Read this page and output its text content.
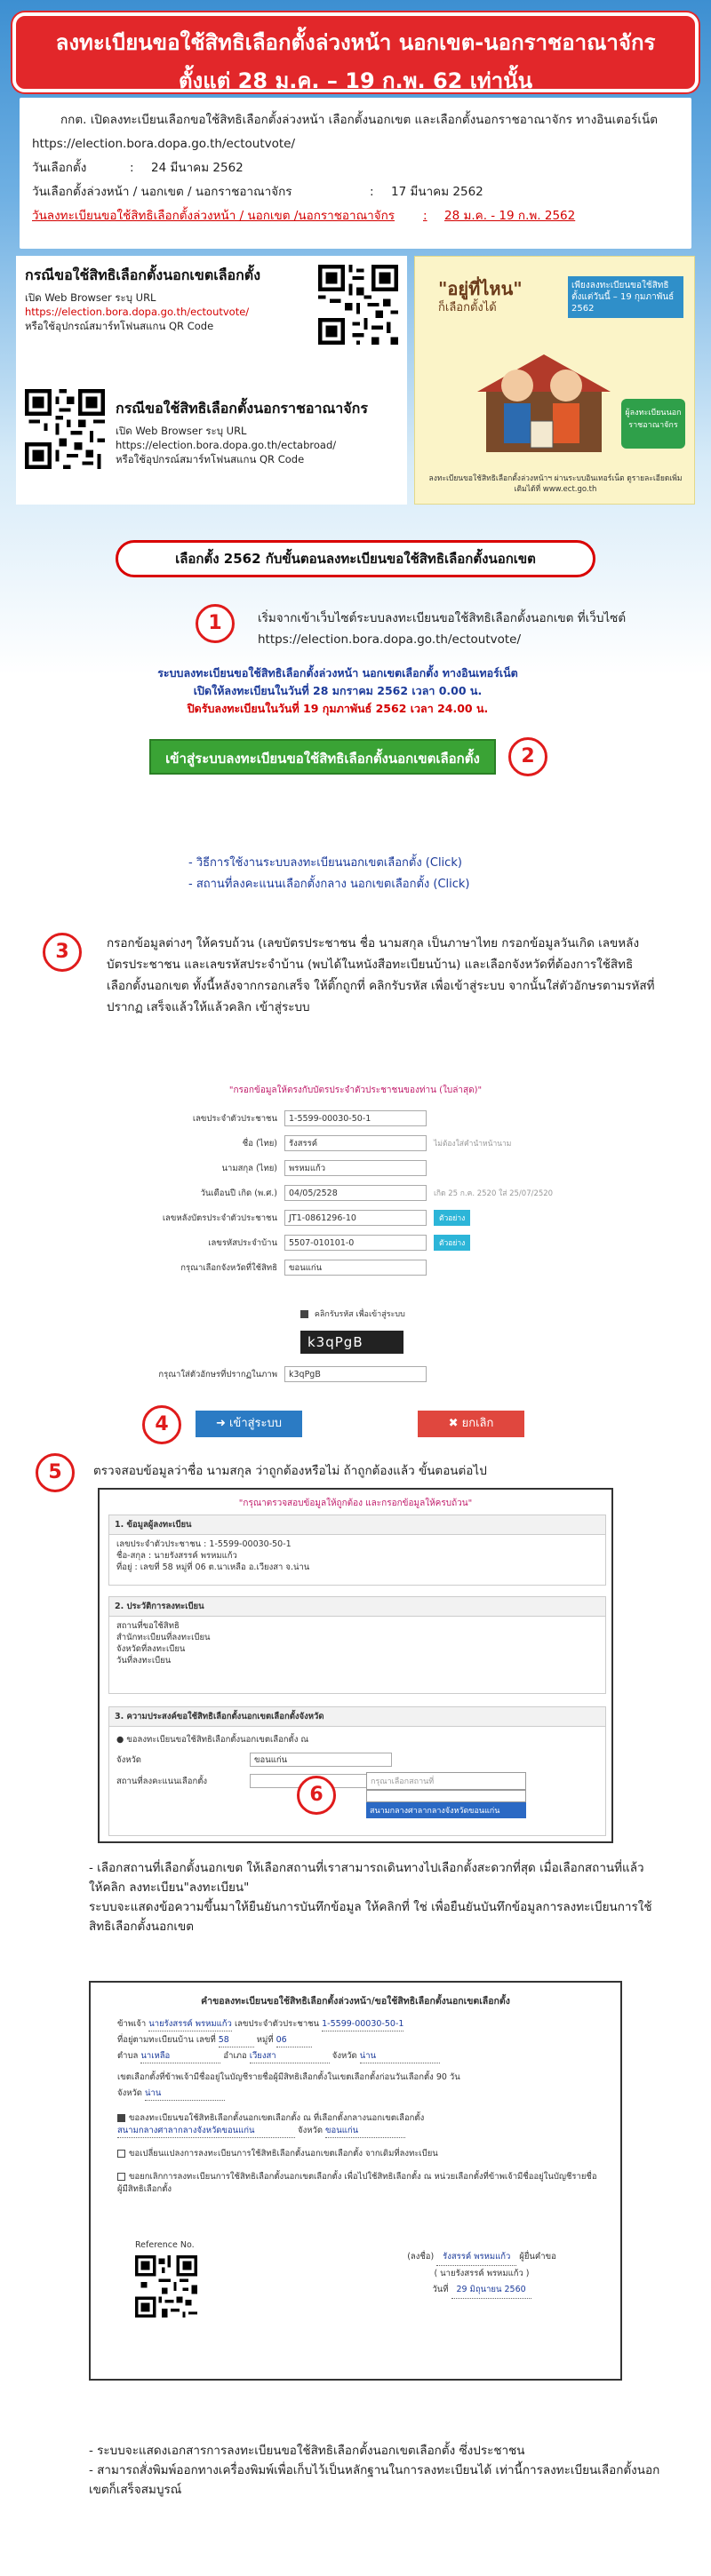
ลงทะเบียนขอใช้สิทธิเลือกตั้งล่วงหน้า นอกเขต-นอกราชอาณาจักร
ตั้งแต่ 28 ม.ค. – 19 ก.พ. 62 เท่านั้น
กกต. เปิดลงทะเบียนเลือกขอใช้สิทธิเลือกตั้งล่วงหน้า เลือกตั้งนอกเขต และเลือกตั้งนอกราชอาณาจักร ทางอินเตอร์เน็ต https://election.bora.dopa.go.th/ectoutvote/
วันเลือกตั้ง	:	24 มีนาคม 2562
วันเลือกตั้งล่วงหน้า / นอกเขต / นอกราชอาณาจักร	:	17 มีนาคม 2562
วันลงทะเบียนขอใช้สิทธิเลือกตั้งล่วงหน้า / นอกเขต /นอกราชอาณาจักร	:	28 ม.ค. - 19 ก.พ. 2562
กรณีขอใช้สิทธิเลือกตั้งนอกเขตเลือกตั้ง
เปิด Web Browser ระบุ URL
https://election.bora.dopa.go.th/ectoutvote/
หรือใช้อุปกรณ์สมาร์ทโฟนสแกน QR Code
กรณีขอใช้สิทธิเลือกตั้งนอกราชอาณาจักร
เปิด Web Browser ระบุ URL
https://election.bora.dopa.go.th/ectabroad/
หรือใช้อุปกรณ์สมาร์ทโฟนสแกน QR Code
"อยู่ที่ไหน"
ก็เลือกตั้งได้
เพียงลงทะเบียนขอใช้สิทธิ ตั้งแต่วันนี้ – 19 กุมภาพันธ์ 2562
ผู้ลงทะเบียนนอกราชอาณาจักร
ลงทะเบียนขอใช้สิทธิเลือกตั้งล่วงหน้าฯ ผ่านระบบอินเทอร์เน็ต ดูรายละเอียดเพิ่มเติมได้ที่ www.ect.go.th
เลือกตั้ง 2562 กับขั้นตอนลงทะเบียนขอใช้สิทธิเลือกตั้งนอกเขต
1	เริ่มจากเข้าเว็บไซต์ระบบลงทะเบียนขอใช้สิทธิเลือกตั้งนอกเขต ที่เว็บไซต์
https://election.bora.dopa.go.th/ectoutvote/
ระบบลงทะเบียนขอใช้สิทธิเลือกตั้งล่วงหน้า นอกเขตเลือกตั้ง ทางอินเทอร์เน็ต
เปิดให้ลงทะเบียนในวันที่ 28 มกราคม 2562 เวลา 0.00 น.
ปิดรับลงทะเบียนในวันที่ 19 กุมภาพันธ์ 2562 เวลา 24.00 น.
เข้าสู่ระบบลงทะเบียนขอใช้สิทธิเลือกตั้งนอกเขตเลือกตั้ง	2
- วิธีการใช้งานระบบลงทะเบียนนอกเขตเลือกตั้ง (Click)
- สถานที่ลงคะแนนเลือกตั้งกลาง นอกเขตเลือกตั้ง (Click)
3	กรอกข้อมูลต่างๆ ให้ครบถ้วน (เลขบัตรประชาชน ชื่อ นามสกุล เป็นภาษาไทย กรอกข้อมูลวันเกิด เลขหลังบัตรประชาชน และเลขรหัสประจำบ้าน (พบได้ในหนังสือทะเบียนบ้าน) และเลือกจังหวัดที่ต้องการใช้สิทธิเลือกตั้งนอกเขต ทั้งนี้หลังจากกรอกเสร็จ ให้ติ๊กถูกที่ คลิกรับรหัส เพื่อเข้าสู่ระบบ จากนั้นใส่ตัวอักษรตามรหัสที่ปรากฏ เสร็จแล้วให้แล้วคลิก เข้าสู่ระบบ
"กรอกข้อมูลให้ตรงกับบัตรประจำตัวประชาชนของท่าน (ใบล่าสุด)"
เลขประจำตัวประชาชน	1-5599-00030-50-1
ชื่อ (ไทย)	รังสรรค์	ไม่ต้องใส่คำนำหน้านาม
นามสกุล (ไทย)	พรหมแก้ว
วันเดือนปี เกิด (พ.ศ.)	04/05/2528	เกิด 25 ก.ค. 2520 ใส่ 25/07/2520
เลขหลังบัตรประจำตัวประชาชน	JT1-0861296-10	ตัวอย่าง
เลขรหัสประจำบ้าน	5507-010101-0	ตัวอย่าง
กรุณาเลือกจังหวัดที่ใช้สิทธิ	ขอนแก่น
คลิกรับรหัส เพื่อเข้าสู่ระบบ
k3qPgB
กรุณาใส่ตัวอักษรที่ปรากฏในภาพ	k3qPgB
4	➜ เข้าสู่ระบบ	✖ ยกเลิก
5	ตรวจสอบข้อมูลว่าชื่อ นามสกุล ว่าถูกต้องหรือไม่ ถ้าถูกต้องแล้ว ขั้นตอนต่อไป
"กรุณาตรวจสอบข้อมูลให้ถูกต้อง และกรอกข้อมูลให้ครบถ้วน"
1. ข้อมูลผู้ลงทะเบียน
เลขประจำตัวประชาชน : 1-5599-00030-50-1
ชื่อ-สกุล : นายรังสรรค์ พรหมแก้ว
ที่อยู่ : เลขที่ 58 หมู่ที่ 06 ต.นาเหลือ อ.เวียงสา จ.น่าน
2. ประวัติการลงทะเบียน
สถานที่ขอใช้สิทธิ
สำนักทะเบียนที่ลงทะเบียน
จังหวัดที่ลงทะเบียน
วันที่ลงทะเบียน
3. ความประสงค์ขอใช้สิทธิเลือกตั้งนอกเขตเลือกตั้งจังหวัด
● ขอลงทะเบียนขอใช้สิทธิเลือกตั้งนอกเขตเลือกตั้ง ณ
จังหวัด	ขอนแก่น
สถานที่ลงคะแนนเลือกตั้ง	กรุณาเลือกสถานที่
สนามกลางศาลากลางจังหวัดขอนแก่น
6
- เลือกสถานที่เลือกตั้งนอกเขต ให้เลือกสถานที่เราสามารถเดินทางไปเลือกตั้งสะดวกที่สุด เมื่อเลือกสถานที่แล้วให้คลิก ลงทะเบียน"ลงทะเบียน"
ระบบจะแสดงข้อความขึ้นมาให้ยืนยันการบันทึกข้อมูล ให้คลิกที่ ใช่ เพื่อยืนยันบันทึกข้อมูลการลงทะเบียนการใช้สิทธิเลือกตั้งนอกเขต
คำขอลงทะเบียนขอใช้สิทธิเลือกตั้งล่วงหน้า/ขอใช้สิทธิเลือกตั้งนอกเขตเลือกตั้ง
ข้าพเจ้า นายรังสรรค์ พรหมแก้ว เลขประจำตัวประชาชน 1-5599-00030-50-1
ที่อยู่ตามทะเบียนบ้าน เลขที่ 58	หมู่ที่ 06
ตำบล นาเหลือ	อำเภอ เวียงสา	จังหวัด น่าน
เขตเลือกตั้งที่ข้าพเจ้ามีชื่ออยู่ในบัญชีรายชื่อผู้มีสิทธิเลือกตั้งในเขตเลือกตั้งก่อนวันเลือกตั้ง 90 วัน
จังหวัด น่าน
ขอลงทะเบียนขอใช้สิทธิเลือกตั้งนอกเขตเลือกตั้ง ณ ที่เลือกตั้งกลางนอกเขตเลือกตั้ง
สนามกลางศาลากลางจังหวัดขอนแก่น	จังหวัด ขอนแก่น
ขอเปลี่ยนแปลงการลงทะเบียนการใช้สิทธิเลือกตั้งนอกเขตเลือกตั้ง จากเดิมที่ลงทะเบียน
ขอยกเลิกการลงทะเบียนการใช้สิทธิเลือกตั้งนอกเขตเลือกตั้ง เพื่อไปใช้สิทธิเลือกตั้ง ณ หน่วยเลือกตั้งที่ข้าพเจ้ามีชื่ออยู่ในบัญชีรายชื่อผู้มีสิทธิเลือกตั้ง
Reference No.
(ลงชื่อ) รังสรรค์ พรหมแก้ว ผู้ยื่นคำขอ
( นายรังสรรค์ พรหมแก้ว )
วันที่ 29 มิถุนายน 2560
- ระบบจะแสดงเอกสารการลงทะเบียนขอใช้สิทธิเลือกตั้งนอกเขตเลือกตั้ง ซึ่งประชาชน
- สามารถสั่งพิมพ์ออกทางเครื่องพิมพ์เพื่อเก็บไว้เป็นหลักฐานในการลงทะเบียนได้ เท่านี้การลงทะเบียนเลือกตั้งนอกเขตก็เสร็จสมบูรณ์
